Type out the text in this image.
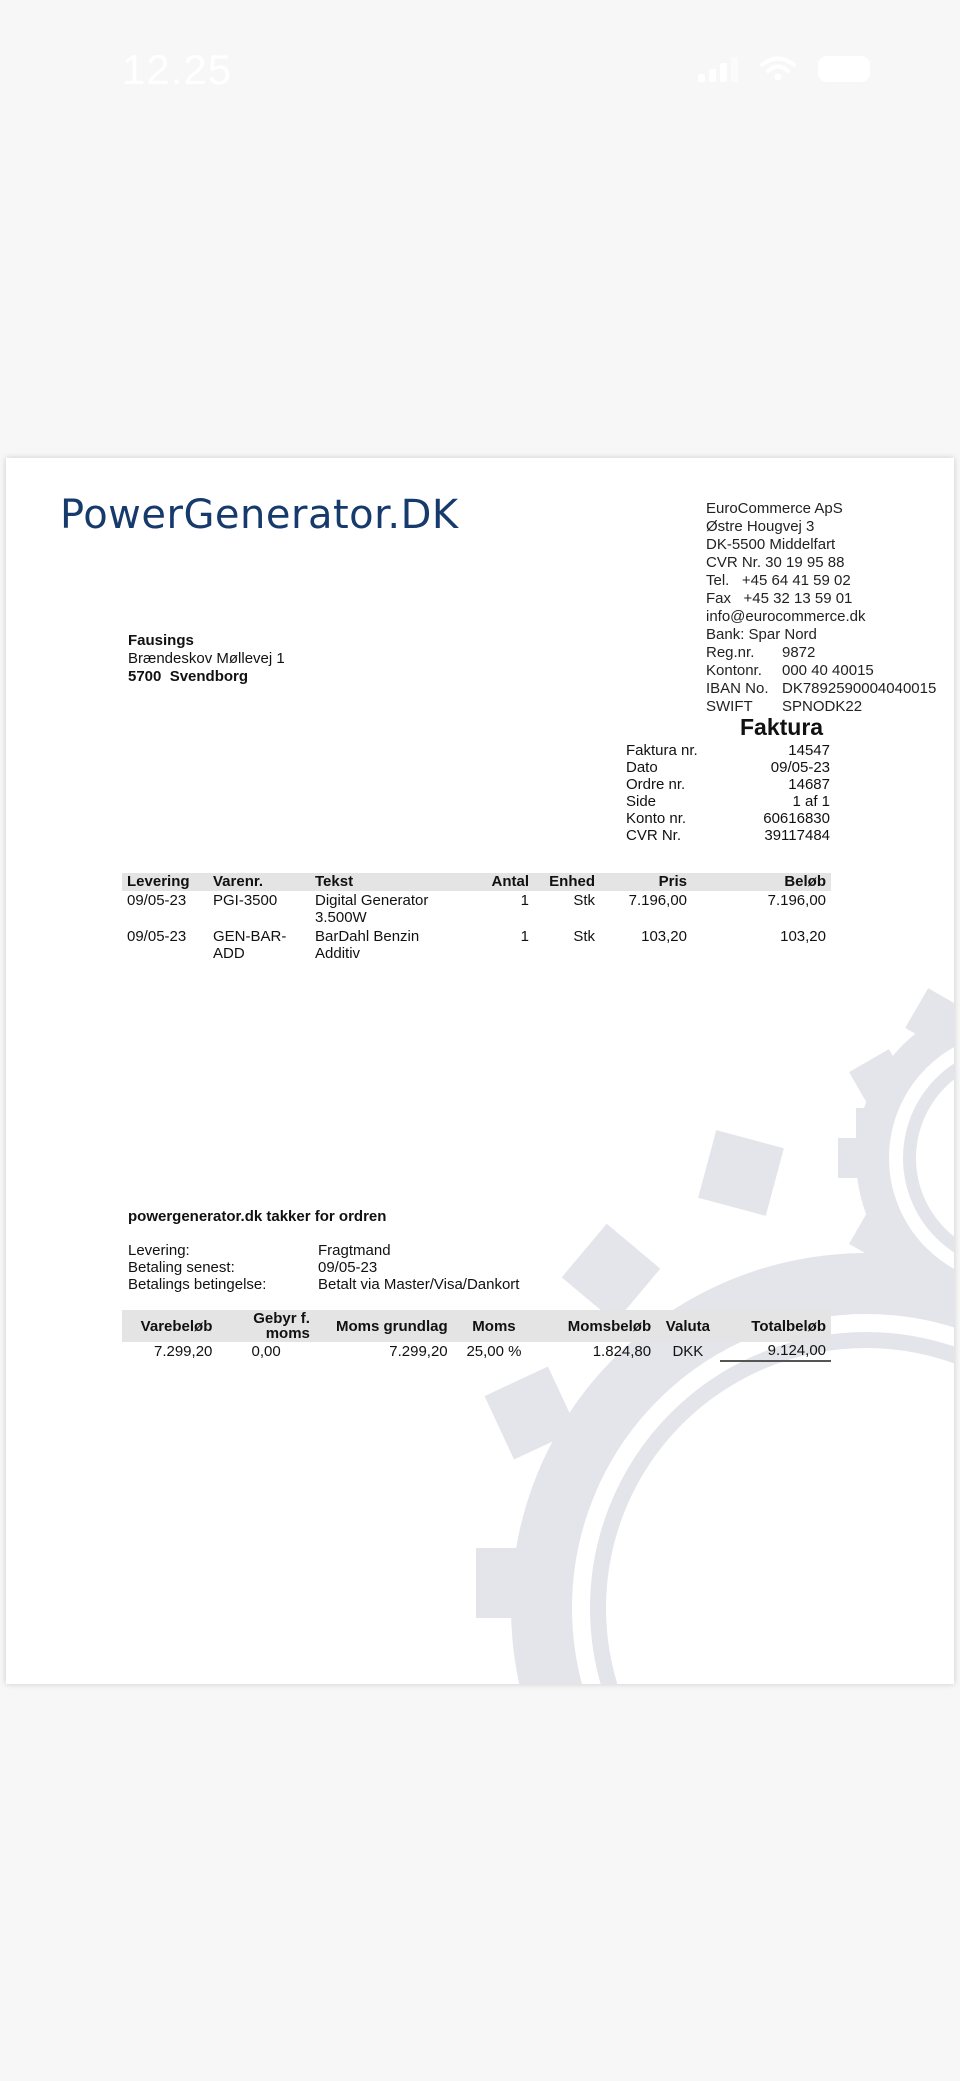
12.25
PowerGenerator.DK	EuroCommerce ApS
Østre Hougvej 3
DK-5500 Middelfart
CVR Nr. 30 19 95 88
Tel. +45 64 41 59 02
Fax +45 32 13 59 01
info@eurocommerce.dk
Bank: Spar Nord
Reg.nr. 9872
Kontonr. 000 40 40015
IBAN No. DK7892590004040015
SWIFT SPNODK22
Fausings
Brændeskov Møllevej 1
5700  Svendborg
Faktura
Faktura nr.	14547
Dato	09/05-23
Ordre nr.	14687
Side	1 af 1
Konto nr.	60616830
CVR Nr.	39117484
Levering	Varenr.	Tekst	Antal	Enhed	Pris	Beløb
09/05-23	PGI-3500	Digital Generator 3.500W	1	Stk	7.196,00	7.196,00
09/05-23	GEN-BAR-ADD	BarDahl Benzin Additiv	1	Stk	103,20	103,20
powergenerator.dk takker for ordren
Levering:	Fragtmand
Betaling senest:	09/05-23
Betalings betingelse:	Betalt via Master/Visa/Dankort
Varebeløb	Gebyr f. moms	Moms grundlag	Moms	Momsbeløb	Valuta	Totalbeløb
7.299,20	0,00	7.299,20	25,00 %	1.824,80	DKK	9.124,00
